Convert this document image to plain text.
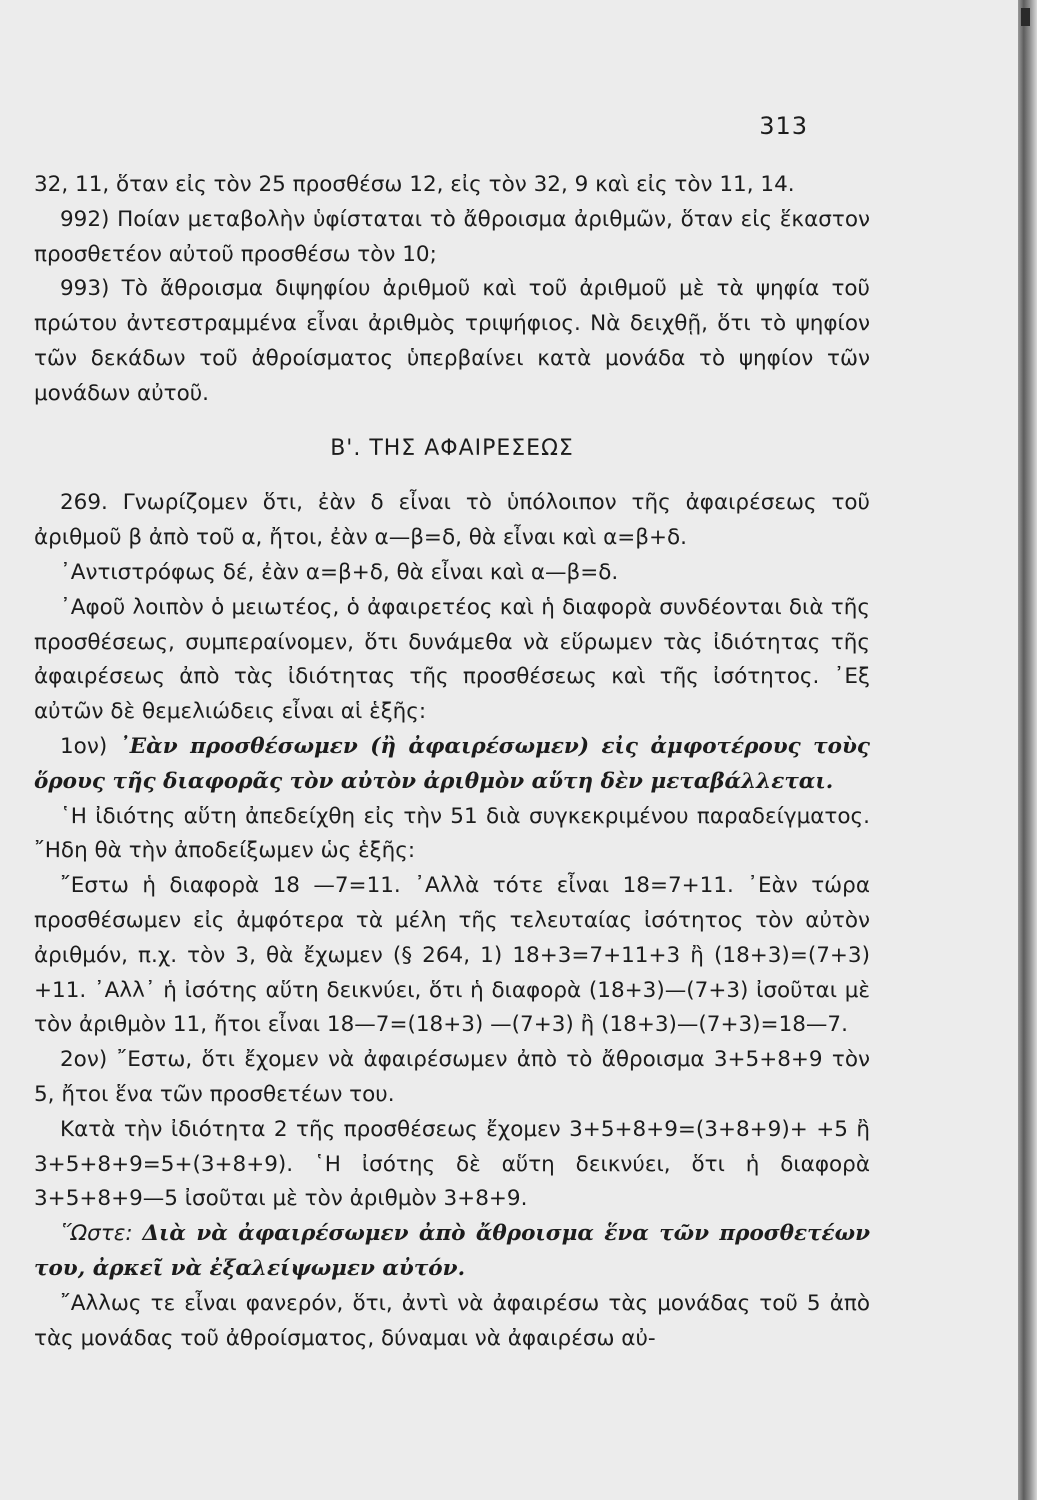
313

32, 11, ὅταν εἰς τὸν 25 προσθέσω 12, εἰς τὸν 32, 9 καὶ εἰς τὸν 11, 14.

992) Ποίαν μεταβολὴν ὑφίσταται τὸ ἄθροισμα ἀριθμῶν, ὅταν εἰς ἕκαστον προσθετέον αὐτοῦ προσθέσω τὸν 10;

993) Τὸ ἄθροισμα διψηφίου ἀριθμοῦ καὶ τοῦ ἀριθμοῦ μὲ τὰ ψηφία τοῦ πρώτου ἀντεστραμμένα εἶναι ἀριθμὸς τριψήφιος. Νὰ δειχθῇ, ὅτι τὸ ψηφίον τῶν δεκάδων τοῦ ἀθροίσματος ὑπερβαίνει κατὰ μονάδα τὸ ψηφίον τῶν μονάδων αὐτοῦ.

Β'. ΤΗΣ ΑΦΑΙΡΕΣΕΩΣ

269. Γνωρίζομεν ὅτι, ἐὰν δ εἶναι τὸ ὑπόλοιπον τῆς ἀφαιρέσεως τοῦ ἀριθμοῦ β ἀπὸ τοῦ α, ἤτοι, ἐὰν α—β=δ, θὰ εἶναι καὶ α=β+δ.

᾽Αντιστρόφως δέ, ἐὰν α=β+δ, θὰ εἶναι καὶ α—β=δ.

᾽Αφοῦ λοιπὸν ὁ μειωτέος, ὁ ἀφαιρετέος καὶ ἡ διαφορὰ συνδέονται διὰ τῆς προσθέσεως, συμπεραίνομεν, ὅτι δυνάμεθα νὰ εὕρωμεν τὰς ἰδιότητας τῆς ἀφαιρέσεως ἀπὸ τὰς ἰδιότητας τῆς προσθέσεως καὶ τῆς ἰσότητος. ᾽Εξ αὐτῶν δὲ θεμελιώδεις εἶναι αἱ ἑξῆς:

1ον) ᾽Εὰν προσθέσωμεν (ἢ ἀφαιρέσωμεν) εἰς ἀμφοτέρους τοὺς ὅρους τῆς διαφορᾶς τὸν αὐτὸν ἀριθμὸν αὕτη δὲν μεταβάλλεται.

῾Η ἰδιότης αὕτη ἀπεδείχθη εἰς τὴν 51 διὰ συγκεκριμένου παραδείγματος. ῎Ηδη θὰ τὴν ἀποδείξωμεν ὡς ἑξῆς:

῎Εστω ἡ διαφορὰ 18 —7=11. ᾽Αλλὰ τότε εἶναι 18=7+11. ᾽Εὰν τώρα προσθέσωμεν εἰς ἀμφότερα τὰ μέλη τῆς τελευταίας ἰσότητος τὸν αὐτὸν ἀριθμόν, π.χ. τὸν 3, θὰ ἔχωμεν (§ 264, 1) 18+3=7+11+3 ἢ (18+3)=(7+3) +11. ᾽Αλλ᾽ ἡ ἰσότης αὕτη δεικνύει, ὅτι ἡ διαφορὰ (18+3)—(7+3) ἰσοῦται μὲ τὸν ἀριθμὸν 11, ἤτοι εἶναι 18—7=(18+3) —(7+3) ἢ (18+3)—(7+3)=18—7.

2ον) ῎Εστω, ὅτι ἔχομεν νὰ ἀφαιρέσωμεν ἀπὸ τὸ ἄθροισμα 3+5+8+9 τὸν 5, ἤτοι ἕνα τῶν προσθετέων του.

Κατὰ τὴν ἰδιότητα 2 τῆς προσθέσεως ἔχομεν 3+5+8+9=(3+8+9)+ +5 ἢ 3+5+8+9=5+(3+8+9). ῾Η ἰσότης δὲ αὕτη δεικνύει, ὅτι ἡ διαφορὰ 3+5+8+9—5 ἰσοῦται μὲ τὸν ἀριθμὸν 3+8+9.

῞Ωστε: Διὰ νὰ ἀφαιρέσωμεν ἀπὸ ἄθροισμα ἕνα τῶν προσθετέων του, ἀρκεῖ νὰ ἐξαλείψωμεν αὐτόν.

῎Αλλως τε εἶναι φανερόν, ὅτι, ἀντὶ νὰ ἀφαιρέσω τὰς μονάδας τοῦ 5 ἀπὸ τὰς μονάδας τοῦ ἀθροίσματος, δύναμαι νὰ ἀφαιρέσω αὐ-
